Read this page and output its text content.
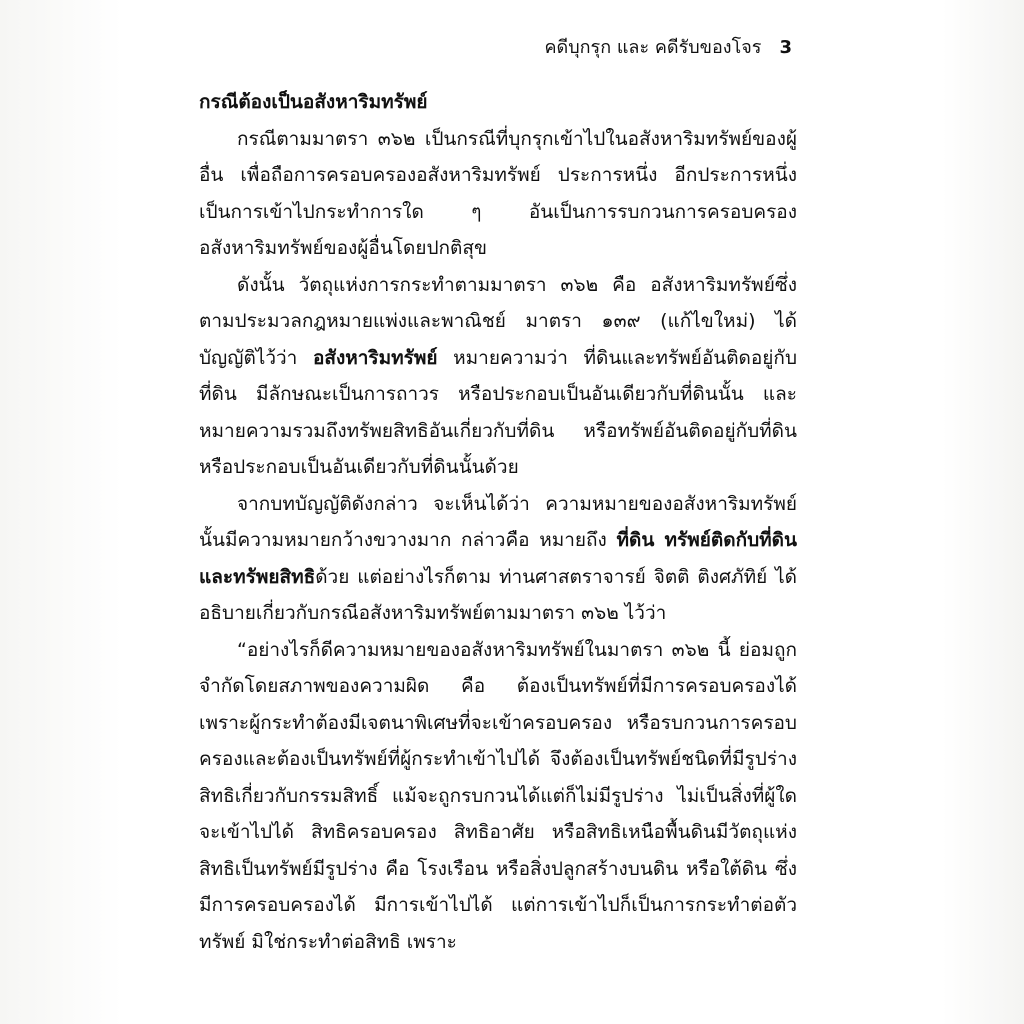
คดีบุกรุก และ คดีรับของโจร 3

กรณีต้องเป็นอสังหาริมทรัพย์

กรณีตามมาตรา ๓๖๒ เป็นกรณีที่บุกรุกเข้าไปในอสังหาริมทรัพย์ของผู้อื่น เพื่อถือการครอบครองอสังหาริมทรัพย์ ประการหนึ่ง อีกประการหนึ่งเป็นการเข้าไปกระทำการใด ๆ อันเป็นการรบกวนการครอบครองอสังหาริมทรัพย์ของผู้อื่นโดยปกติสุข

ดังนั้น วัตถุแห่งการกระทำตามมาตรา ๓๖๒ คือ อสังหาริมทรัพย์ซึ่งตามประมวลกฎหมายแพ่งและพาณิชย์ มาตรา ๑๓๙ (แก้ไขใหม่) ได้บัญญัติไว้ว่า อสังหาริมทรัพย์ หมายความว่า ที่ดินและทรัพย์อันติดอยู่กับที่ดิน มีลักษณะเป็นการถาวร หรือประกอบเป็นอันเดียวกับที่ดินนั้น และหมายความรวมถึงทรัพยสิทธิอันเกี่ยวกับที่ดิน หรือทรัพย์อันติดอยู่กับที่ดิน หรือประกอบเป็นอันเดียวกับที่ดินนั้นด้วย

จากบทบัญญัติดังกล่าว จะเห็นได้ว่า ความหมายของอสังหาริมทรัพย์นั้นมีความหมายกว้างขวางมาก กล่าวคือ หมายถึง ที่ดิน ทรัพย์ติดกับที่ดิน และทรัพยสิทธิด้วย แต่อย่างไรก็ตาม ท่านศาสตราจารย์ จิตติ ติงศภัทิย์ ได้อธิบายเกี่ยวกับกรณีอสังหาริมทรัพย์ตามมาตรา ๓๖๒ ไว้ว่า

“อย่างไรก็ดีความหมายของอสังหาริมทรัพย์ในมาตรา ๓๖๒ นี้ ย่อมถูกจำกัดโดยสภาพของความผิด คือ ต้องเป็นทรัพย์ที่มีการครอบครองได้ เพราะผู้กระทำต้องมีเจตนาพิเศษที่จะเข้าครอบครอง หรือรบกวนการครอบครองและต้องเป็นทรัพย์ที่ผู้กระทำเข้าไปได้ จึงต้องเป็นทรัพย์ชนิดที่มีรูปร่าง สิทธิเกี่ยวกับกรรมสิทธิ์ แม้จะถูกรบกวนได้แต่ก็ไม่มีรูปร่าง ไม่เป็นสิ่งที่ผู้ใดจะเข้าไปได้ สิทธิครอบครอง สิทธิอาศัย หรือสิทธิเหนือพื้นดินมีวัตถุแห่งสิทธิเป็นทรัพย์มีรูปร่าง คือ โรงเรือน หรือสิ่งปลูกสร้างบนดิน หรือใต้ดิน ซึ่งมีการครอบครองได้ มีการเข้าไปได้ แต่การเข้าไปก็เป็นการกระทำต่อตัวทรัพย์ มิใช่กระทำต่อสิทธิ เพราะ
